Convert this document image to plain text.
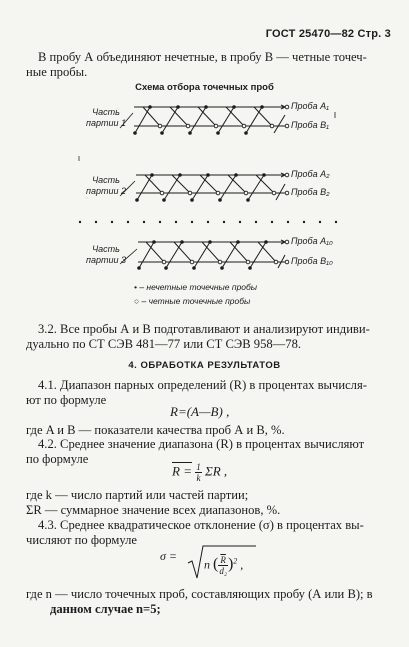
ГОСТ 25470—82 Стр. 3
В пробу А объединяют нечетные, в пробу В — четные точеч-
ные пробы.
Схема отбора точечных проб
Часть
партии 1
Часть
партии 2
Часть
партии 3
Проба A₁
Проба B₁
Проба A₂
Проба B₂
Проба A₁₀
Проба B₁₀
• – нечетные точечные пробы
○ – четные точечные пробы
3.2. Все пробы А и В подготавливают и анализируют индиви-
дуально по СТ СЭВ 481—77 или СТ СЭВ 958—78.
4. ОБРАБОТКА РЕЗУЛЬТАТОВ
4.1. Диапазон парных определений (R) в процентах вычисля-
ют по формуле
R=(A—B) ,
где A и B — показатели качества проб А и В, %.
4.2. Среднее значение диапазона (R) в процентах вычисляют
по формуле
$R = \frac{1}{k}$ ΣR ,
где k — число партий или частей партии;
ΣR — суммарное значение всех диапазонов, %.
4.3. Среднее квадратическое отклонение (σ) в процентах вы-
числяют по формуле
σ =
n ( $\frac{\overline{R}}{\text{d₂}} )^2$ ,
где n — число точечных проб, составляющих пробу (А или В); в
данном случае n=5;
